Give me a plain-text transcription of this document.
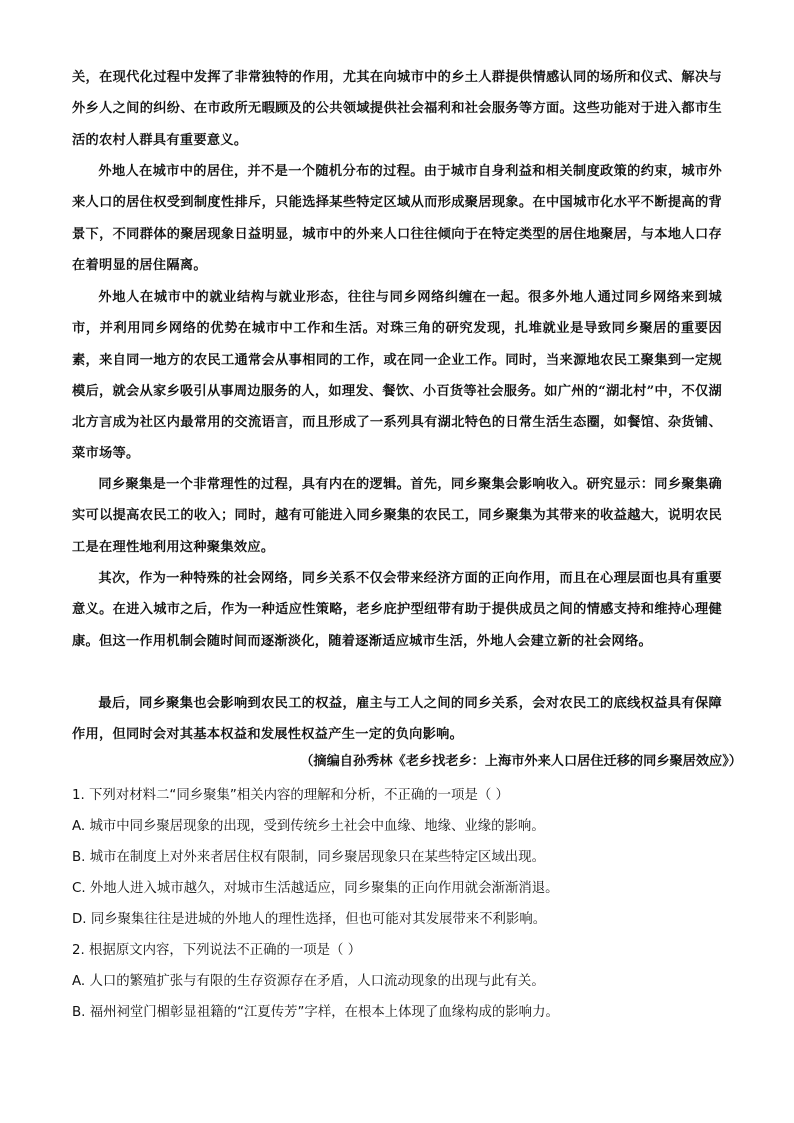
关，在现代化过程中发挥了非常独特的作用，尤其在向城市中的乡土人群提供情感认同的场所和仪式、解决与外乡人之间的纠纷、在市政所无暇顾及的公共领域提供社会福利和社会服务等方面。这些功能对于进入都市生活的农村人群具有重要意义。

外地人在城市中的居住，并不是一个随机分布的过程。由于城市自身利益和相关制度政策的约束，城市外来人口的居住权受到制度性排斥，只能选择某些特定区域从而形成聚居现象。在中国城市化水平不断提高的背景下，不同群体的聚居现象日益明显，城市中的外来人口往往倾向于在特定类型的居住地聚居，与本地人口存在着明显的居住隔离。

外地人在城市中的就业结构与就业形态，往往与同乡网络纠缠在一起。很多外地人通过同乡网络来到城市，并利用同乡网络的优势在城市中工作和生活。对珠三角的研究发现，扎堆就业是导致同乡聚居的重要因素，来自同一地方的农民工通常会从事相同的工作，或在同一企业工作。同时，当来源地农民工聚集到一定规模后，就会从家乡吸引从事周边服务的人，如理发、餐饮、小百货等社会服务。如广州的“湖北村”中，不仅湖北方言成为社区内最常用的交流语言，而且形成了一系列具有湖北特色的日常生活生态圈，如餐馆、杂货铺、菜市场等。

同乡聚集是一个非常理性的过程，具有内在的逻辑。首先，同乡聚集会影响收入。研究显示：同乡聚集确实可以提高农民工的收入；同时，越有可能进入同乡聚集的农民工，同乡聚集为其带来的收益越大，说明农民工是在理性地利用这种聚集效应。

其次，作为一种特殊的社会网络，同乡关系不仅会带来经济方面的正向作用，而且在心理层面也具有重要意义。在进入城市之后，作为一种适应性策略，老乡庇护型纽带有助于提供成员之间的情感支持和维持心理健康。但这一作用机制会随时间而逐渐淡化，随着逐渐适应城市生活，外地人会建立新的社会网络。

最后，同乡聚集也会影响到农民工的权益，雇主与工人之间的同乡关系，会对农民工的底线权益具有保障作用，但同时会对其基本权益和发展性权益产生一定的负向影响。

（摘编自孙秀林《老乡找老乡：上海市外来人口居住迁移的同乡聚居效应》）

1. 下列对材料二“同乡聚集”相关内容的理解和分析，不正确的一项是（ ）

A. 城市中同乡聚居现象的出现，受到传统乡土社会中血缘、地缘、业缘的影响。

B. 城市在制度上对外来者居住权有限制，同乡聚居现象只在某些特定区域出现。

C. 外地人进入城市越久，对城市生活越适应，同乡聚集的正向作用就会渐渐消退。

D. 同乡聚集往往是进城的外地人的理性选择，但也可能对其发展带来不利影响。

2. 根据原文内容，下列说法不正确的一项是（ ）

A. 人口的繁殖扩张与有限的生存资源存在矛盾，人口流动现象的出现与此有关。

B. 福州祠堂门楣彰显祖籍的“江夏传芳”字样，在根本上体现了血缘构成的影响力。
